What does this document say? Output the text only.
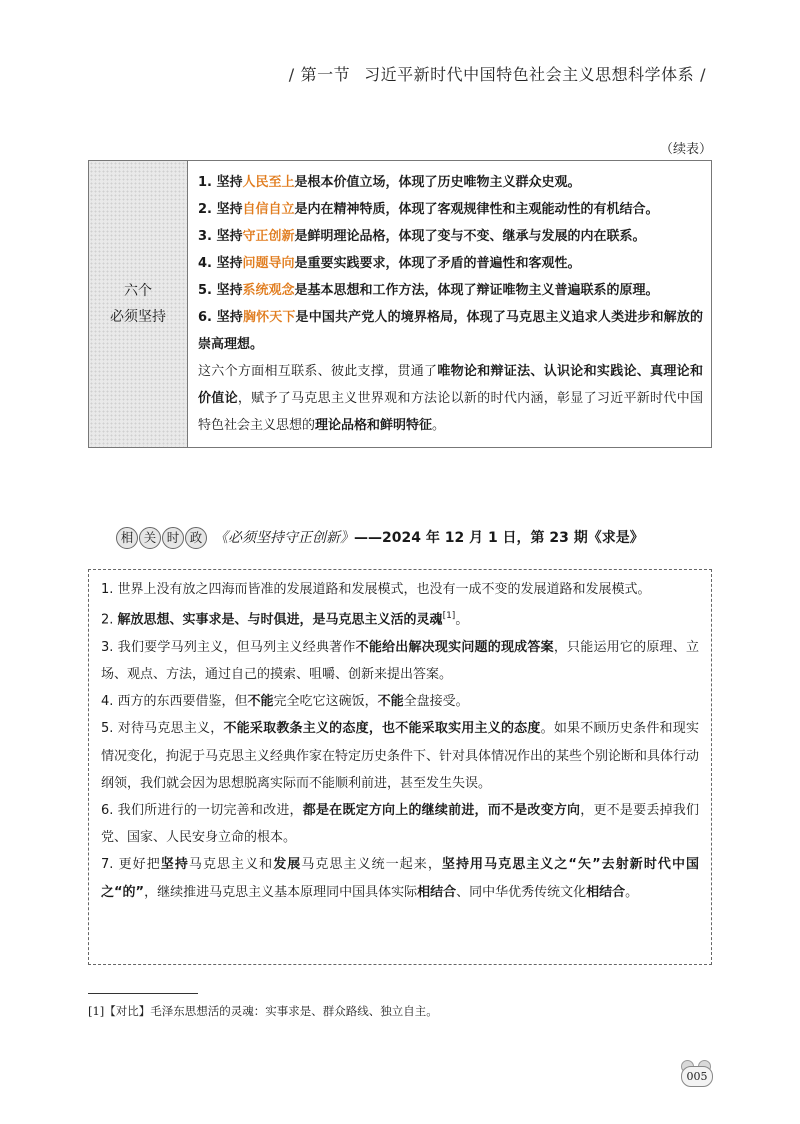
/ 第一节 习近平新时代中国特色社会主义思想科学体系 /
（续表）
六个
必须坚持

1. 坚持人民至上是根本价值立场，体现了历史唯物主义群众史观。

2. 坚持自信自立是内在精神特质，体现了客观规律性和主观能动性的有机结合。

3. 坚持守正创新是鲜明理论品格，体现了变与不变、继承与发展的内在联系。

4. 坚持问题导向是重要实践要求，体现了矛盾的普遍性和客观性。

5. 坚持系统观念是基本思想和工作方法，体现了辩证唯物主义普遍联系的原理。

6. 坚持胸怀天下是中国共产党人的境界格局，体现了马克思主义追求人类进步和解放的崇高理想。

这六个方面相互联系、彼此支撑，贯通了唯物论和辩证法、认识论和实践论、真理论和价值论，赋予了马克思主义世界观和方法论以新的时代内涵，彰显了习近平新时代中国特色社会主义思想的理论品格和鲜明特征。

相 关 时 政 《必须坚持守正创新》——2024 年 12 月 1 日，第 23 期《求是》

1. 世界上没有放之四海而皆准的发展道路和发展模式，也没有一成不变的发展道路和发展模式。

2. 解放思想、实事求是、与时俱进，是马克思主义活的灵魂[1]。

3. 我们要学马列主义，但马列主义经典著作不能给出解决现实问题的现成答案，只能运用它的原理、立场、观点、方法，通过自己的摸索、咀嚼、创新来提出答案。

4. 西方的东西要借鉴，但不能完全吃它这碗饭，不能全盘接受。

5. 对待马克思主义，不能采取教条主义的态度，也不能采取实用主义的态度。如果不顾历史条件和现实情况变化，拘泥于马克思主义经典作家在特定历史条件下、针对具体情况作出的某些个别论断和具体行动纲领，我们就会因为思想脱离实际而不能顺利前进，甚至发生失误。

6. 我们所进行的一切完善和改进，都是在既定方向上的继续前进，而不是改变方向，更不是要丢掉我们党、国家、人民安身立命的根本。

7. 更好把坚持马克思主义和发展马克思主义统一起来，坚持用马克思主义之“矢”去射新时代中国之“的”，继续推进马克思主义基本原理同中国具体实际相结合、同中华优秀传统文化相结合。

[1]【对比】毛泽东思想活的灵魂：实事求是、群众路线、独立自主。
005
